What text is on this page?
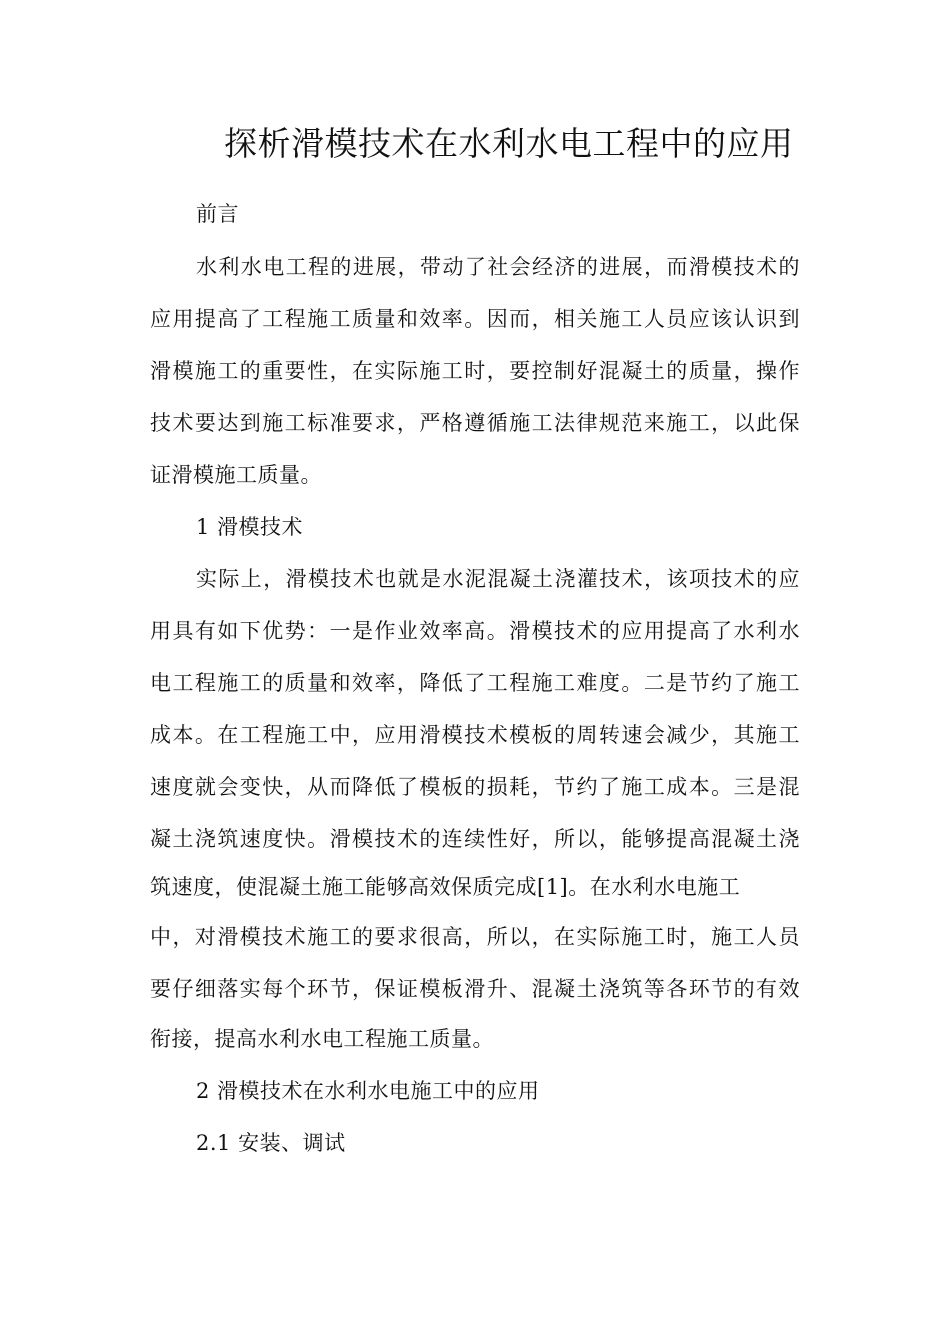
探析滑模技术在水利水电工程中的应用
前言
水利水电工程的进展，带动了社会经济的进展，而滑模技术的
应用提高了工程施工质量和效率。因而，相关施工人员应该认识到
滑模施工的重要性，在实际施工时，要控制好混凝土的质量，操作
技术要达到施工标准要求，严格遵循施工法律规范来施工，以此保
证滑模施工质量。
1 滑模技术
实际上，滑模技术也就是水泥混凝土浇灌技术，该项技术的应
用具有如下优势：一是作业效率高。滑模技术的应用提高了水利水
电工程施工的质量和效率，降低了工程施工难度。二是节约了施工
成本。在工程施工中，应用滑模技术模板的周转速会减少，其施工
速度就会变快，从而降低了模板的损耗，节约了施工成本。三是混
凝土浇筑速度快。滑模技术的连续性好，所以，能够提高混凝土浇
筑速度，使混凝土施工能够高效保质完成[1]。在水利水电施工
中，对滑模技术施工的要求很高，所以，在实际施工时，施工人员
要仔细落实每个环节，保证模板滑升、混凝土浇筑等各环节的有效
衔接，提高水利水电工程施工质量。
2 滑模技术在水利水电施工中的应用
2.1 安装、调试
